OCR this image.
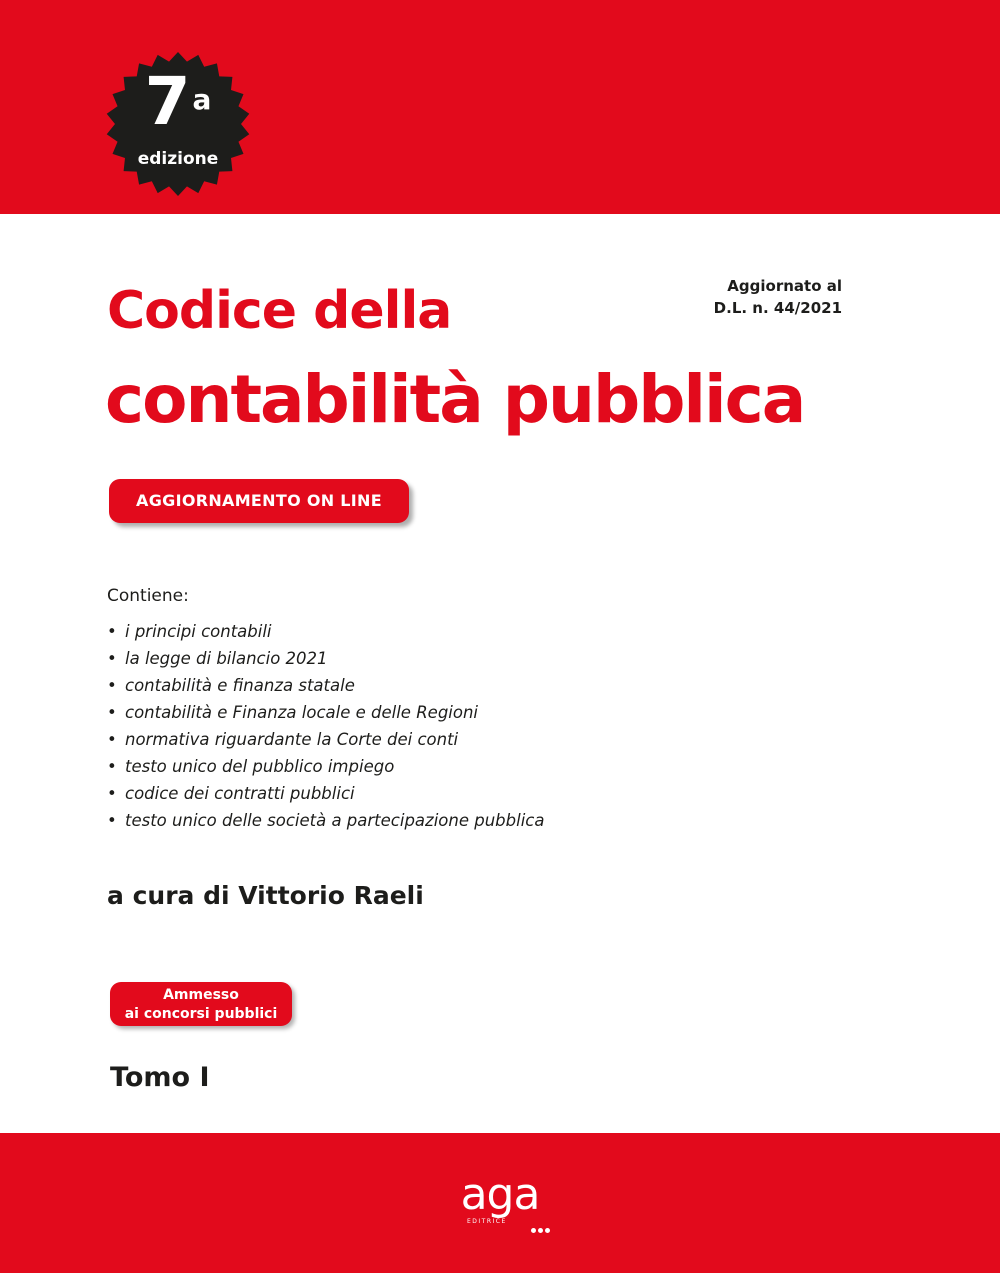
7$^a$
edizione
Aggiornato al
D.L. n. 44/2021
Codice della
contabilità pubblica
AGGIORNAMENTO ON LINE
Contiene:
• i principi contabili
• la legge di bilancio 2021
• contabilità e finanza statale
• contabilità e Finanza locale e delle Regioni
• normativa riguardante la Corte dei conti
• testo unico del pubblico impiego
• codice dei contratti pubblici
• testo unico delle società a partecipazione pubblica
a cura di Vittorio Raeli
Ammesso
ai concorsi pubblici
Tomo I
aga
EDITRICE
